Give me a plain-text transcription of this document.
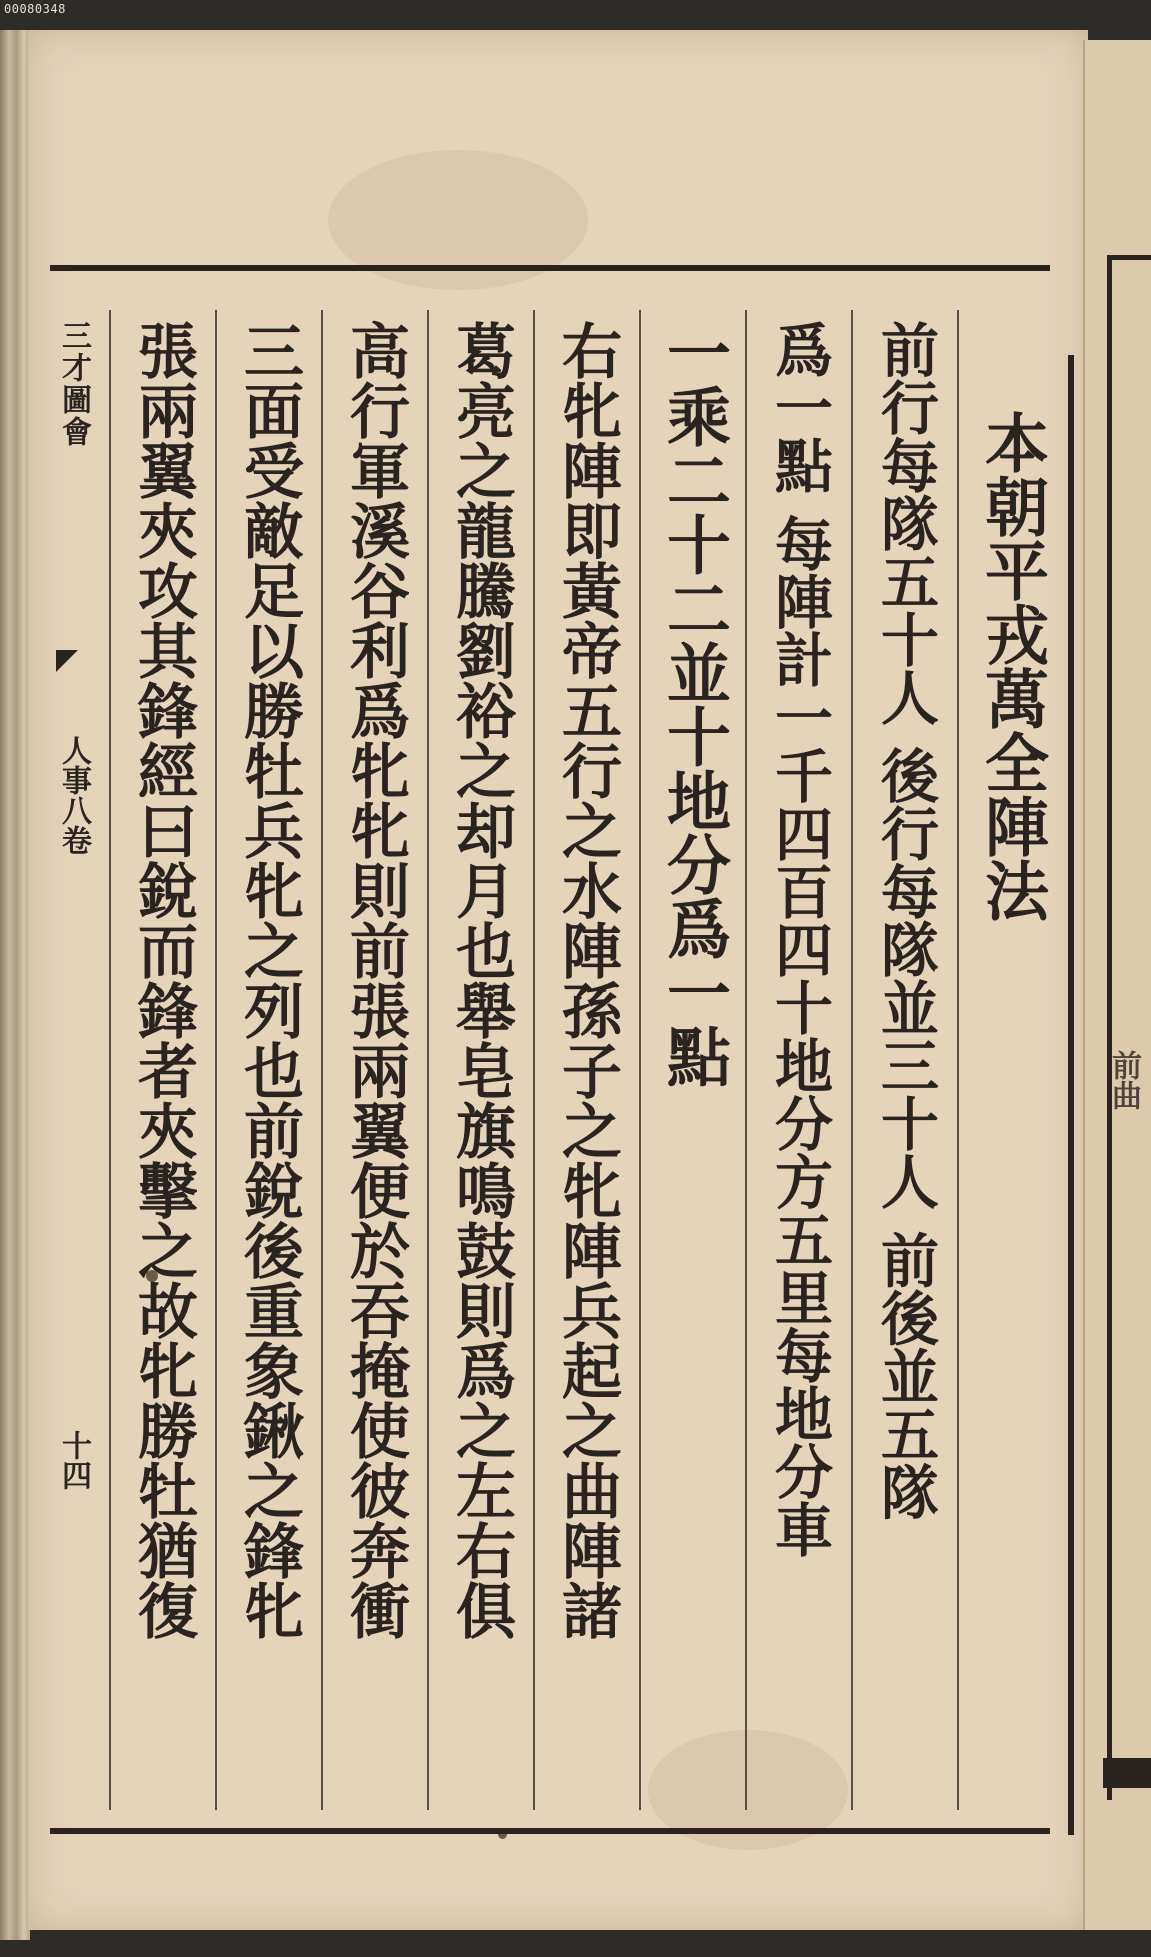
00080348
三才圖會
人事八卷
十四
本朝平戎萬全陣法
前行每隊五十人 後行每隊並三十人 前後並五隊
爲一點 每陣計一千四百四十地分方五里每地分車
一乘二十二並十地分爲一點
右牝陣即黃帝五行之水陣孫子之牝陣兵起之曲陣諸
葛亮之龍騰劉裕之却月也舉皂旗鳴鼓則爲之左右俱
高行軍溪谷利爲牝牝則前張兩翼便於吞掩使彼奔衝
三面受敵足以勝牡兵牝之列也前銳後重象鍬之鋒牝
張兩翼夾攻其鋒經曰銳而鋒者夾擊之故牝勝牡猶復	前曲
